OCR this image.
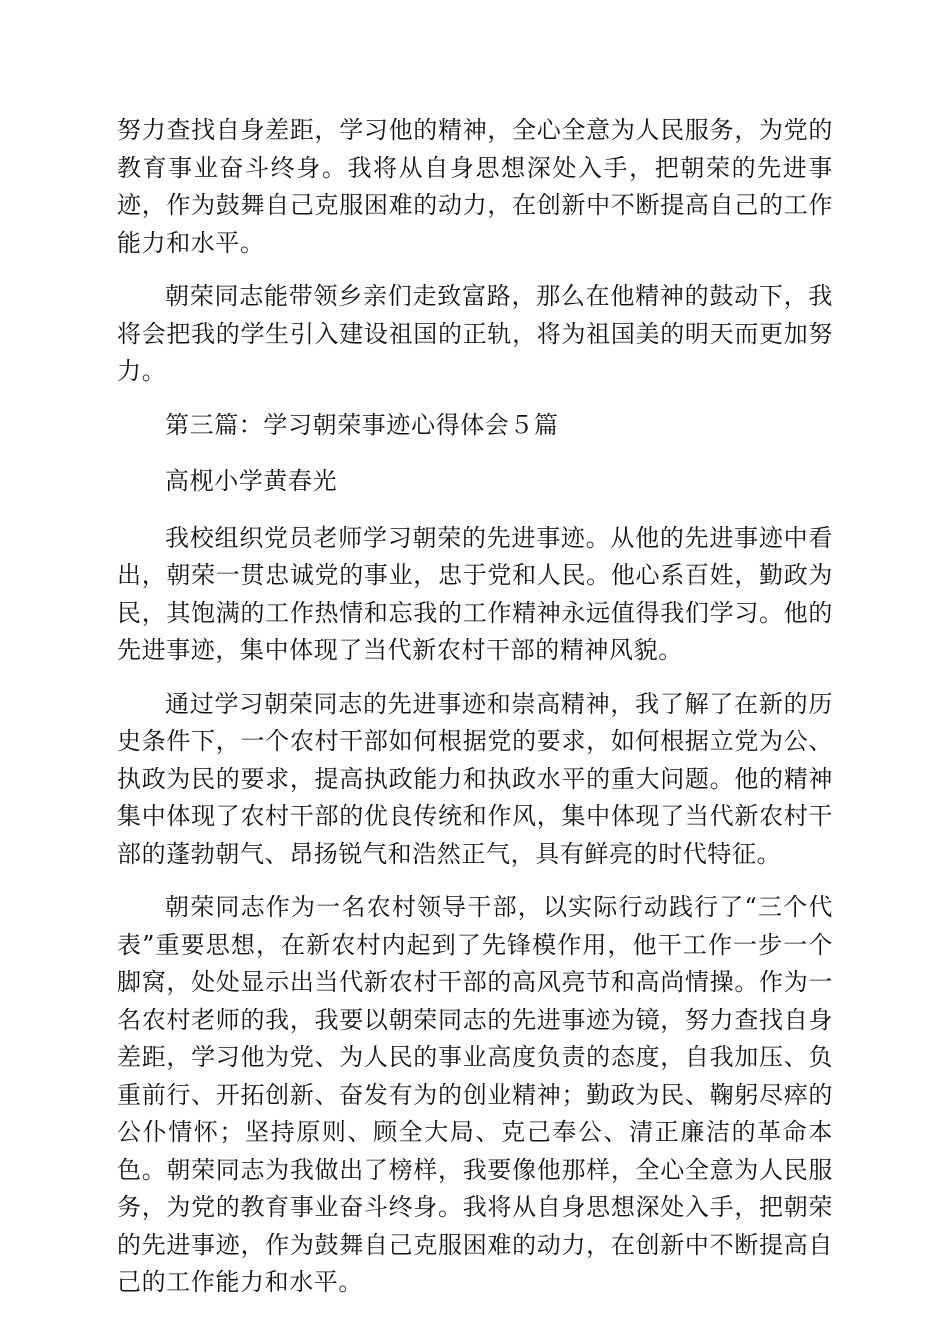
努力查找自身差距，学习他的精神，全心全意为人民服务，为党的教育事业奋斗终身。我将从自身思想深处入手，把朝荣的先进事迹，作为鼓舞自己克服困难的动力，在创新中不断提高自己的工作能力和水平。

朝荣同志能带领乡亲们走致富路，那么在他精神的鼓动下，我将会把我的学生引入建设祖国的正轨，将为祖国美的明天而更加努力。

第三篇：学习朝荣事迹心得体会５篇

高枧小学黄春光

我校组织党员老师学习朝荣的先进事迹。从他的先进事迹中看出，朝荣一贯忠诚党的事业，忠于党和人民。他心系百姓，勤政为民，其饱满的工作热情和忘我的工作精神永远值得我们学习。他的先进事迹，集中体现了当代新农村干部的精神风貌。

通过学习朝荣同志的先进事迹和崇高精神，我了解了在新的历史条件下，一个农村干部如何根据党的要求，如何根据立党为公、执政为民的要求，提高执政能力和执政水平的重大问题。他的精神集中体现了农村干部的优良传统和作风，集中体现了当代新农村干部的蓬勃朝气、昂扬锐气和浩然正气，具有鲜亮的时代特征。

朝荣同志作为一名农村领导干部，以实际行动践行了“三个代表”重要思想，在新农村内起到了先锋模作用，他干工作一步一个脚窝，处处显示出当代新农村干部的高风亮节和高尚情操。作为一名农村老师的我，我要以朝荣同志的先进事迹为镜，努力查找自身差距，学习他为党、为人民的事业高度负责的态度，自我加压、负重前行、开拓创新、奋发有为的创业精神；勤政为民、鞠躬尽瘁的公仆情怀；坚持原则、顾全大局、克己奉公、清正廉洁的革命本色。朝荣同志为我做出了榜样，我要像他那样，全心全意为人民服务，为党的教育事业奋斗终身。我将从自身思想深处入手，把朝荣的先进事迹，作为鼓舞自己克服困难的动力，在创新中不断提高自己的工作能力和水平。
